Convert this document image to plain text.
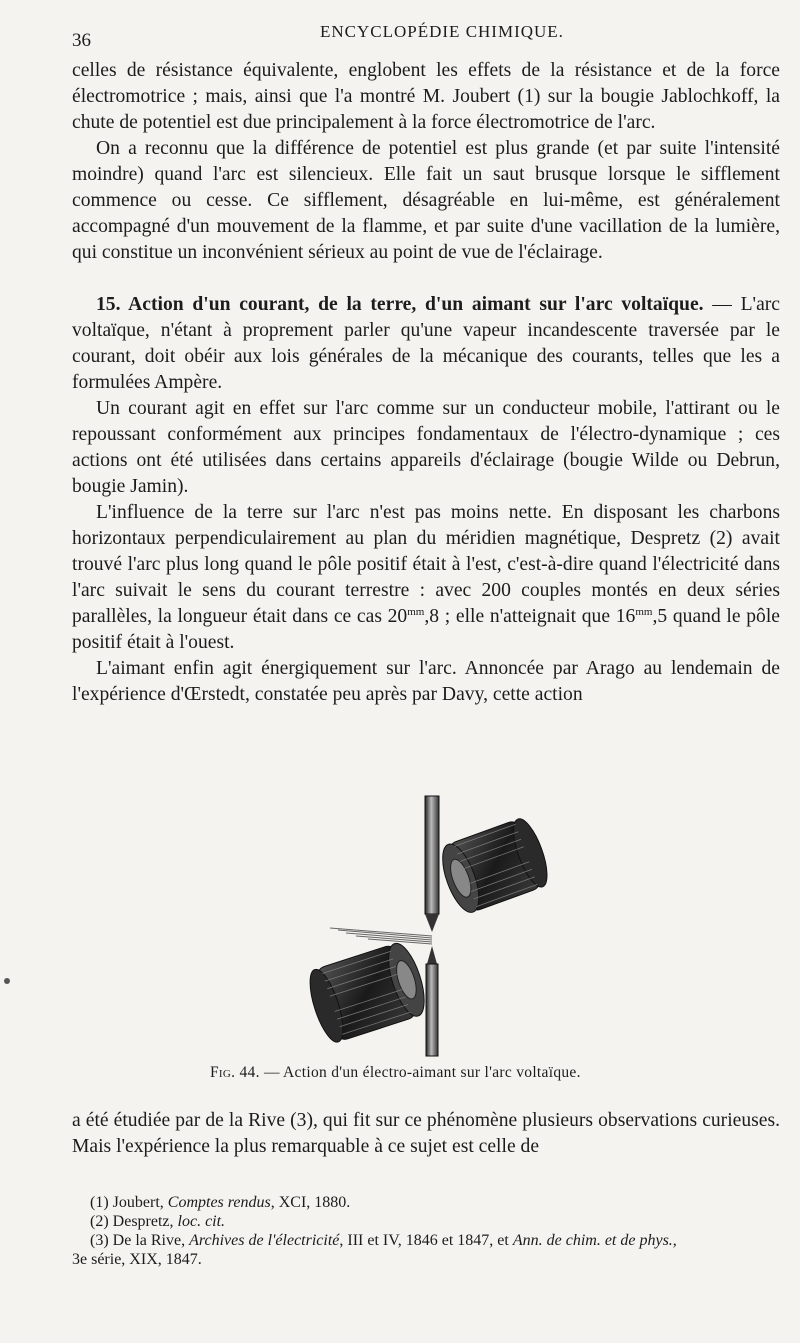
36	ENCYCLOPÉDIE CHIMIQUE.

celles de résistance équivalente, englobent les effets de la résistance et de la force électromotrice ; mais, ainsi que l'a montré M. Joubert (1) sur la bougie Jablochkoff, la chute de potentiel est due principalement à la force électromotrice de l'arc.

On a reconnu que la différence de potentiel est plus grande (et par suite l'intensité moindre) quand l'arc est silencieux. Elle fait un saut brusque lorsque le sifflement commence ou cesse. Ce sifflement, désagréable en lui-même, est généralement accompagné d'un mouvement de la flamme, et par suite d'une vacillation de la lumière, qui constitue un inconvénient sérieux au point de vue de l'éclairage.

15. Action d'un courant, de la terre, d'un aimant sur l'arc voltaïque. — L'arc voltaïque, n'étant à proprement parler qu'une vapeur incandescente traversée par le courant, doit obéir aux lois générales de la mécanique des courants, telles que les a formulées Ampère.

Un courant agit en effet sur l'arc comme sur un conducteur mobile, l'attirant ou le repoussant conformément aux principes fondamentaux de l'électro-dynamique ; ces actions ont été utilisées dans certains appareils d'éclairage (bougie Wilde ou Debrun, bougie Jamin).

L'influence de la terre sur l'arc n'est pas moins nette. En disposant les charbons horizontaux perpendiculairement au plan du méridien magnétique, Despretz (2) avait trouvé l'arc plus long quand le pôle positif était à l'est, c'est-à-dire quand l'électricité dans l'arc suivait le sens du courant terrestre : avec 200 couples montés en deux séries parallèles, la longueur était dans ce cas $20^{mm},8$ ; elle n'atteignait que $16^{mm},5$ quand le pôle positif était à l'ouest.

L'aimant enfin agit énergiquement sur l'arc. Annoncée par Arago au lendemain de l'expérience d'Œrstedt, constatée peu après par Davy, cette action

Fig. 44. — Action d'un électro-aimant sur l'arc voltaïque.

a été étudiée par de la Rive (3), qui fit sur ce phénomène plusieurs observations curieuses. Mais l'expérience la plus remarquable à ce sujet est celle de

(1) Joubert, Comptes rendus, XCI, 1880.

(2) Despretz, loc. cit.

(3) De la Rive, Archives de l'électricité, III et IV, 1846 et 1847, et Ann. de chim. et de phys.,

3e série, XIX, 1847.
